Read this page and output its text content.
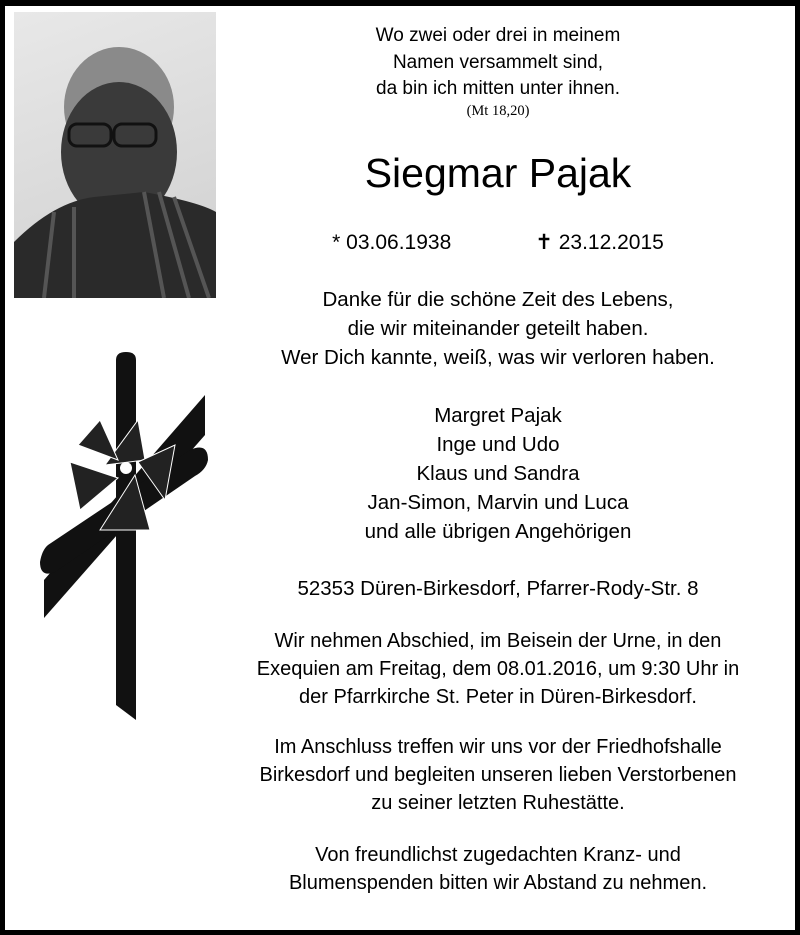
Wo zwei oder drei in meinem
Namen versammelt sind,
da bin ich mitten unter ihnen.
(Mt 18,20)
Siegmar Pajak
* 03.06.1938	✝ 23.12.2015
Danke für die schöne Zeit des Lebens,
die wir miteinander geteilt haben.
Wer Dich kannte, weiß, was wir verloren haben.
Margret Pajak
Inge und Udo
Klaus und Sandra
Jan-Simon, Marvin und Luca
und alle übrigen Angehörigen
52353 Düren-Birkesdorf, Pfarrer-Rody-Str. 8
Wir nehmen Abschied, im Beisein der Urne, in den
Exequien am Freitag, dem 08.01.2016, um 9:30 Uhr in
der Pfarrkirche St. Peter in Düren-Birkesdorf.
Im Anschluss treffen wir uns vor der Friedhofshalle
Birkesdorf und begleiten unseren lieben Verstorbenen
zu seiner letzten Ruhestätte.
Von freundlichst zugedachten Kranz- und
Blumenspenden bitten wir Abstand zu nehmen.
